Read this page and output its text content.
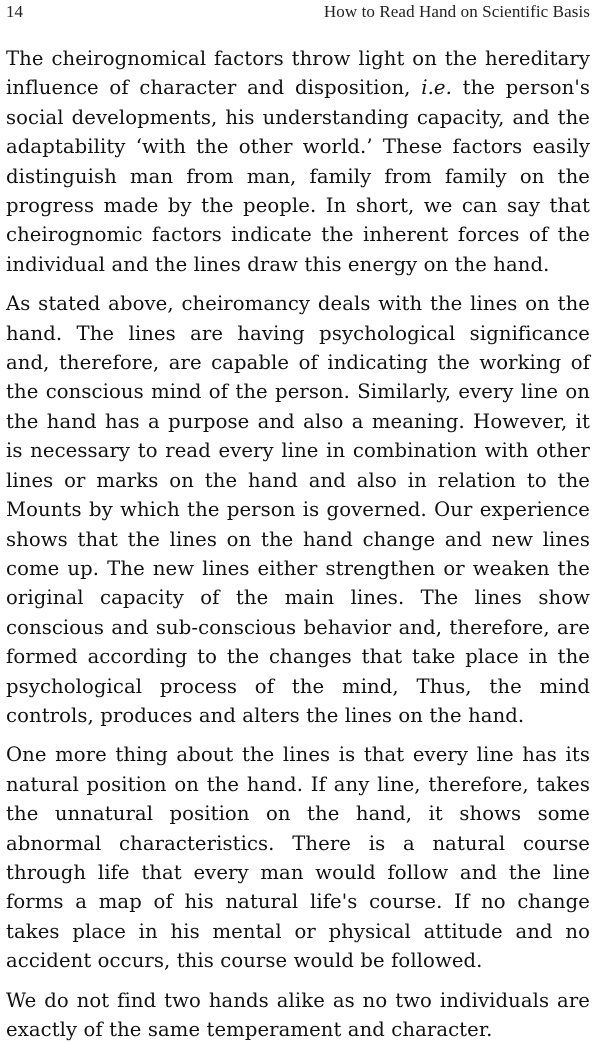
14	How to Read Hand on Scientific Basis

The cheirognomical factors throw light on the hereditary influence of character and disposition, i.e. the person's social developments, his understanding capacity, and the adaptability ‘with the other world.’ These factors easily distinguish man from man, family from family on the progress made by the people. In short, we can say that cheirognomic factors indicate the inherent forces of the individual and the lines draw this energy on the hand.

As stated above, cheiromancy deals with the lines on the hand. The lines are having psychological significance and, therefore, are capable of indicating the working of the conscious mind of the person. Similarly, every line on the hand has a purpose and also a meaning. However, it is necessary to read every line in combination with other lines or marks on the hand and also in relation to the Mounts by which the person is governed. Our experience shows that the lines on the hand change and new lines come up. The new lines either strengthen or weaken the original capacity of the main lines. The lines show conscious and sub-conscious behavior and, therefore, are formed according to the changes that take place in the psychological process of the mind, Thus, the mind controls, produces and alters the lines on the hand.

One more thing about the lines is that every line has its natural position on the hand. If any line, therefore, takes the unnatural position on the hand, it shows some abnormal characteristics. There is a natural course through life that every man would follow and the line forms a map of his natural life's course. If no change takes place in his mental or physical attitude and no accident occurs, this course would be followed.

We do not find two hands alike as no two individuals are exactly of the same temperament and character.
